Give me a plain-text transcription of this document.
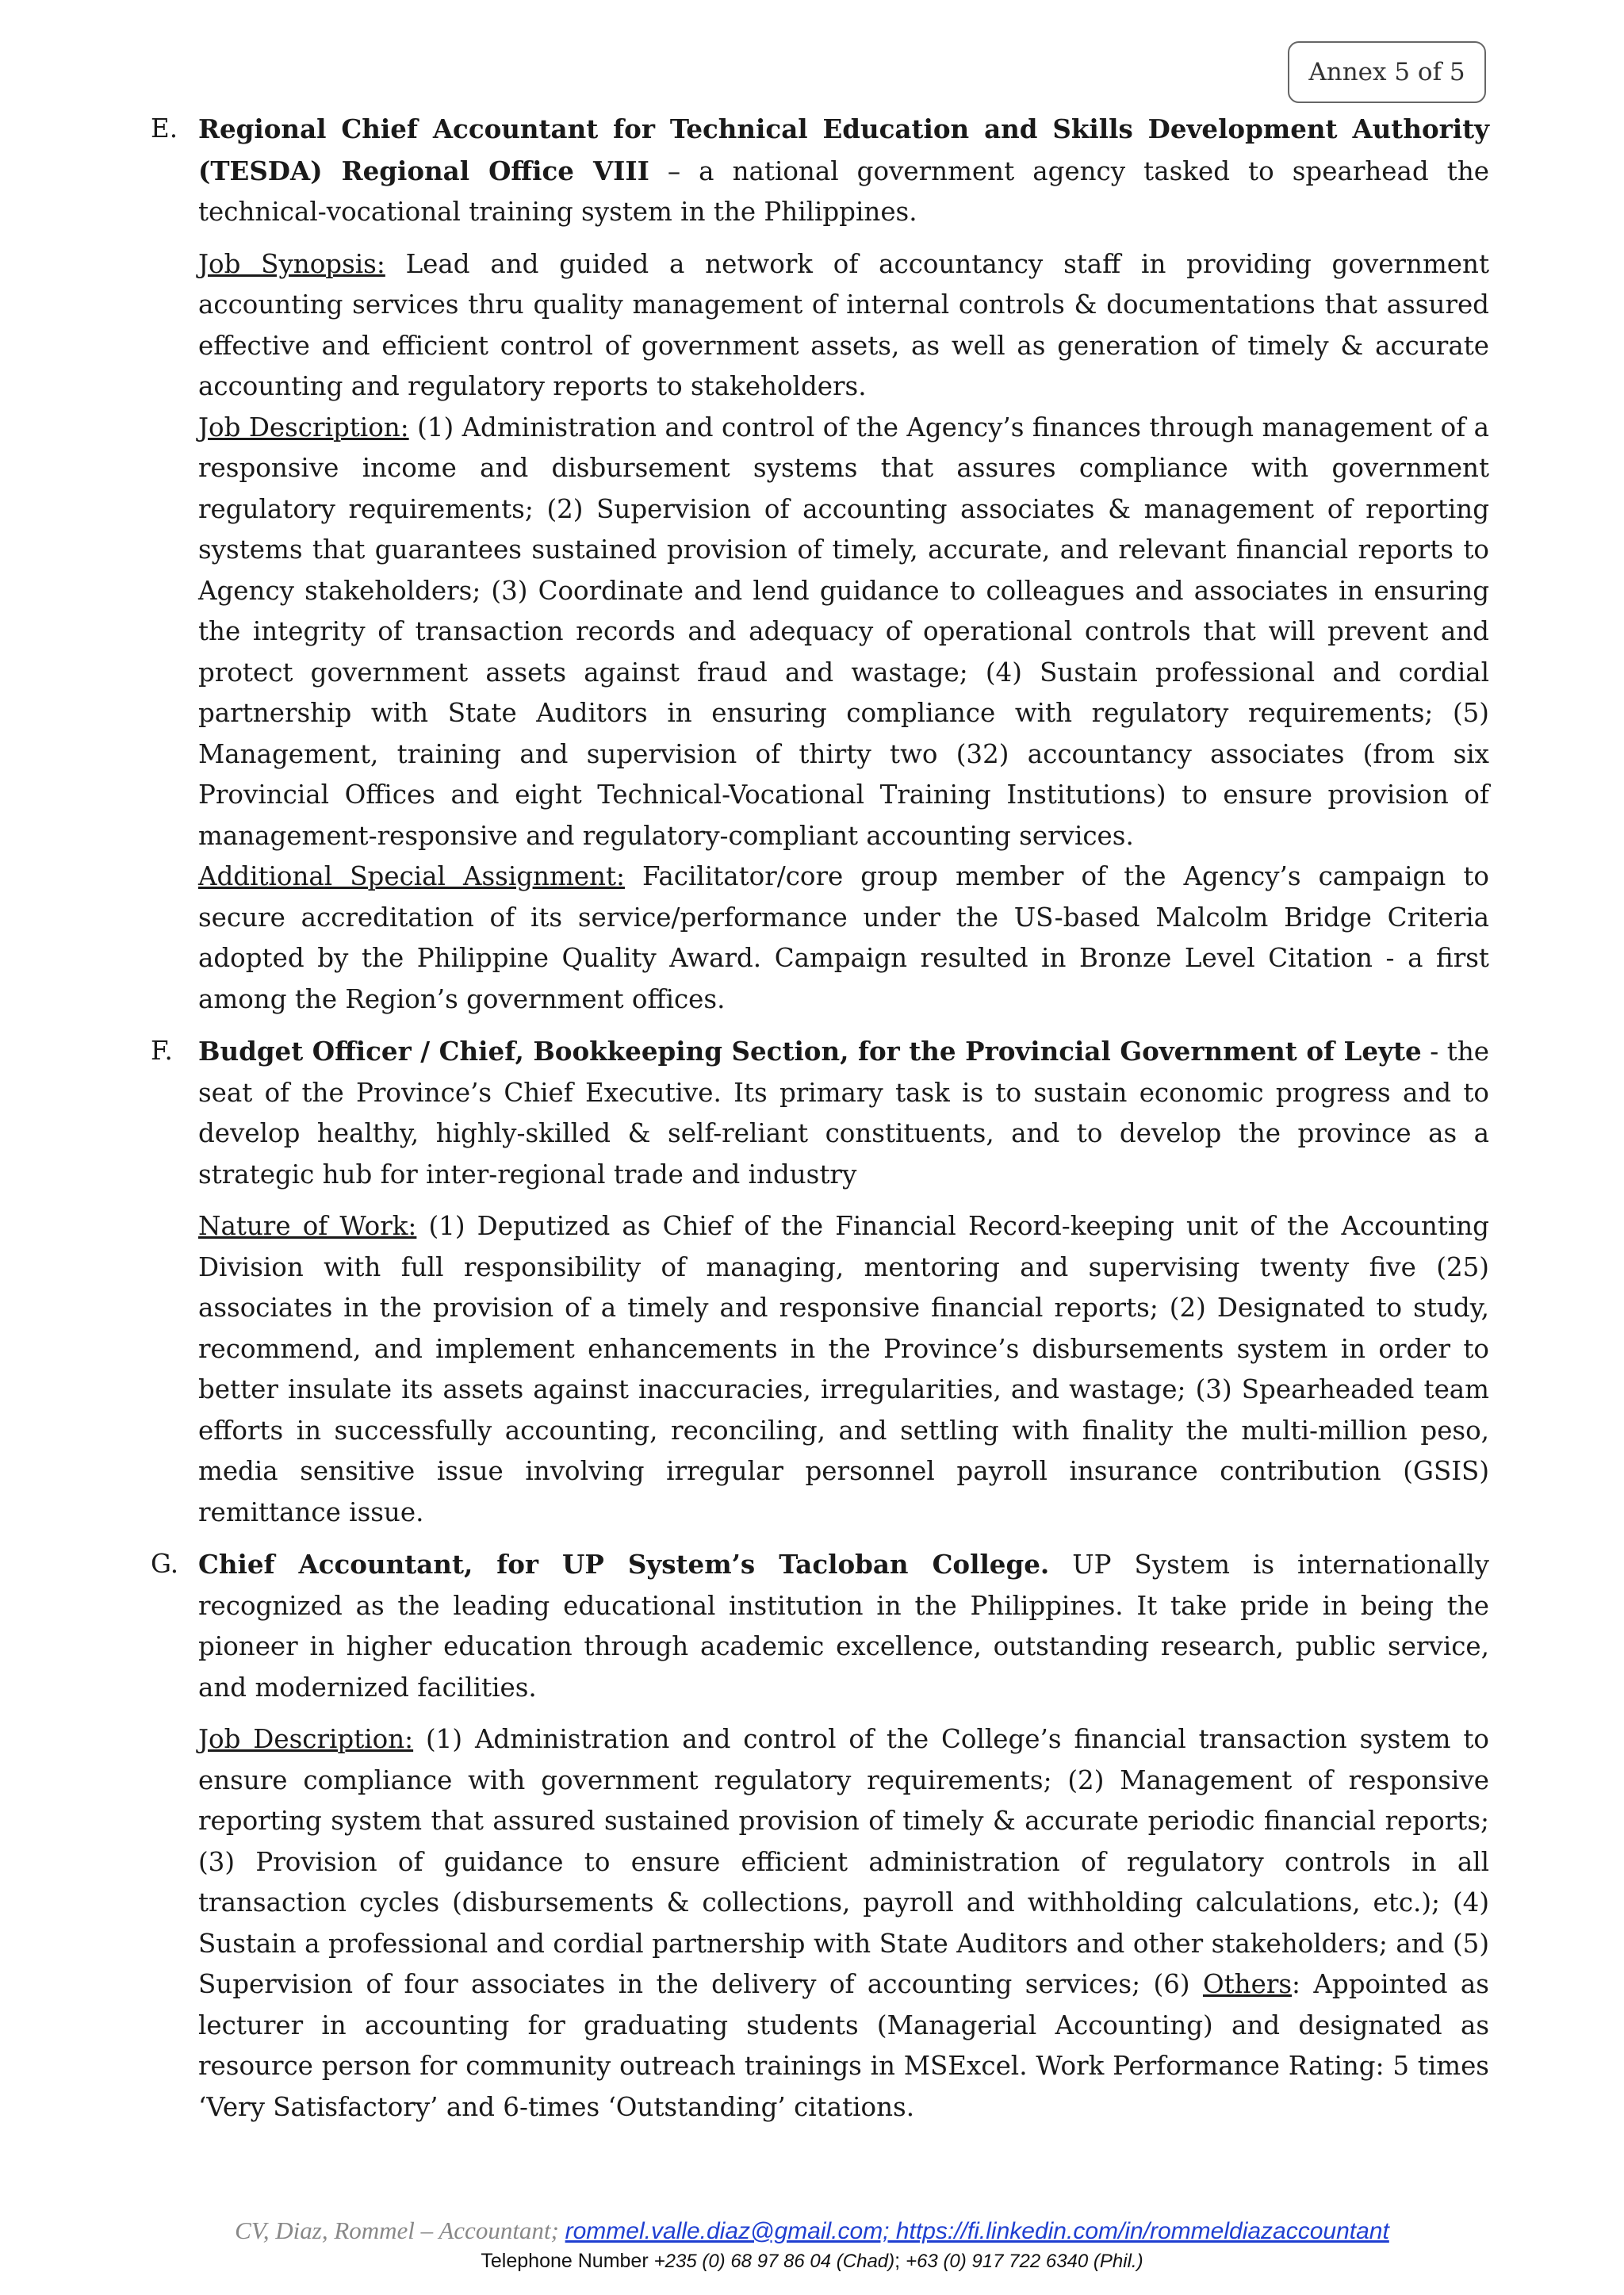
Annex 5 of 5
E. Regional Chief Accountant for Technical Education and Skills Development Authority (TESDA) Regional Office VIII – a national government agency tasked to spearhead the technical-vocational training system in the Philippines.

Job Synopsis: Lead and guided a network of accountancy staff in providing government accounting services thru quality management of internal controls & documentations that assured effective and efficient control of government assets, as well as generation of timely & accurate accounting and regulatory reports to stakeholders.

Job Description: (1) Administration and control of the Agency’s finances through management of a responsive income and disbursement systems that assures compliance with government regulatory requirements; (2) Supervision of accounting associates & management of reporting systems that guarantees sustained provision of timely, accurate, and relevant financial reports to Agency stakeholders; (3) Coordinate and lend guidance to colleagues and associates in ensuring the integrity of transaction records and adequacy of operational controls that will prevent and protect government assets against fraud and wastage; (4) Sustain professional and cordial partnership with State Auditors in ensuring compliance with regulatory requirements; (5) Management, training and supervision of thirty two (32) accountancy associates (from six Provincial Offices and eight Technical-Vocational Training Institutions) to ensure provision of management-responsive and regulatory-compliant accounting services.

Additional Special Assignment: Facilitator/core group member of the Agency’s campaign to secure accreditation of its service/performance under the US-based Malcolm Bridge Criteria adopted by the Philippine Quality Award. Campaign resulted in Bronze Level Citation - a first among the Region’s government offices.

F. Budget Officer / Chief, Bookkeeping Section, for the Provincial Government of Leyte - the seat of the Province’s Chief Executive. Its primary task is to sustain economic progress and to develop healthy, highly-skilled & self-reliant constituents, and to develop the province as a strategic hub for inter-regional trade and industry

Nature of Work: (1) Deputized as Chief of the Financial Record-keeping unit of the Accounting Division with full responsibility of managing, mentoring and supervising twenty five (25) associates in the provision of a timely and responsive financial reports; (2) Designated to study, recommend, and implement enhancements in the Province’s disbursements system in order to better insulate its assets against inaccuracies, irregularities, and wastage; (3) Spearheaded team efforts in successfully accounting, reconciling, and settling with finality the multi-million peso, media sensitive issue involving irregular personnel payroll insurance contribution (GSIS) remittance issue.

G. Chief Accountant, for UP System’s Tacloban College. UP System is internationally recognized as the leading educational institution in the Philippines. It take pride in being the pioneer in higher education through academic excellence, outstanding research, public service, and modernized facilities.

Job Description: (1) Administration and control of the College’s financial transaction system to ensure compliance with government regulatory requirements; (2) Management of responsive reporting system that assured sustained provision of timely & accurate periodic financial reports; (3) Provision of guidance to ensure efficient administration of regulatory controls in all transaction cycles (disbursements & collections, payroll and withholding calculations, etc.); (4) Sustain a professional and cordial partnership with State Auditors and other stakeholders; and (5) Supervision of four associates in the delivery of accounting services; (6) Others: Appointed as lecturer in accounting for graduating students (Managerial Accounting) and designated as resource person for community outreach trainings in MSExcel. Work Performance Rating: 5 times ‘Very Satisfactory’ and 6-times ‘Outstanding’ citations.

CV, Diaz, Rommel – Accountant; rommel.valle.diaz@gmail.com; https://fi.linkedin.com/in/rommeldiazaccountant
Telephone Number +235 (0) 68 97 86 04 (Chad); +63 (0) 917 722 6340 (Phil.)
